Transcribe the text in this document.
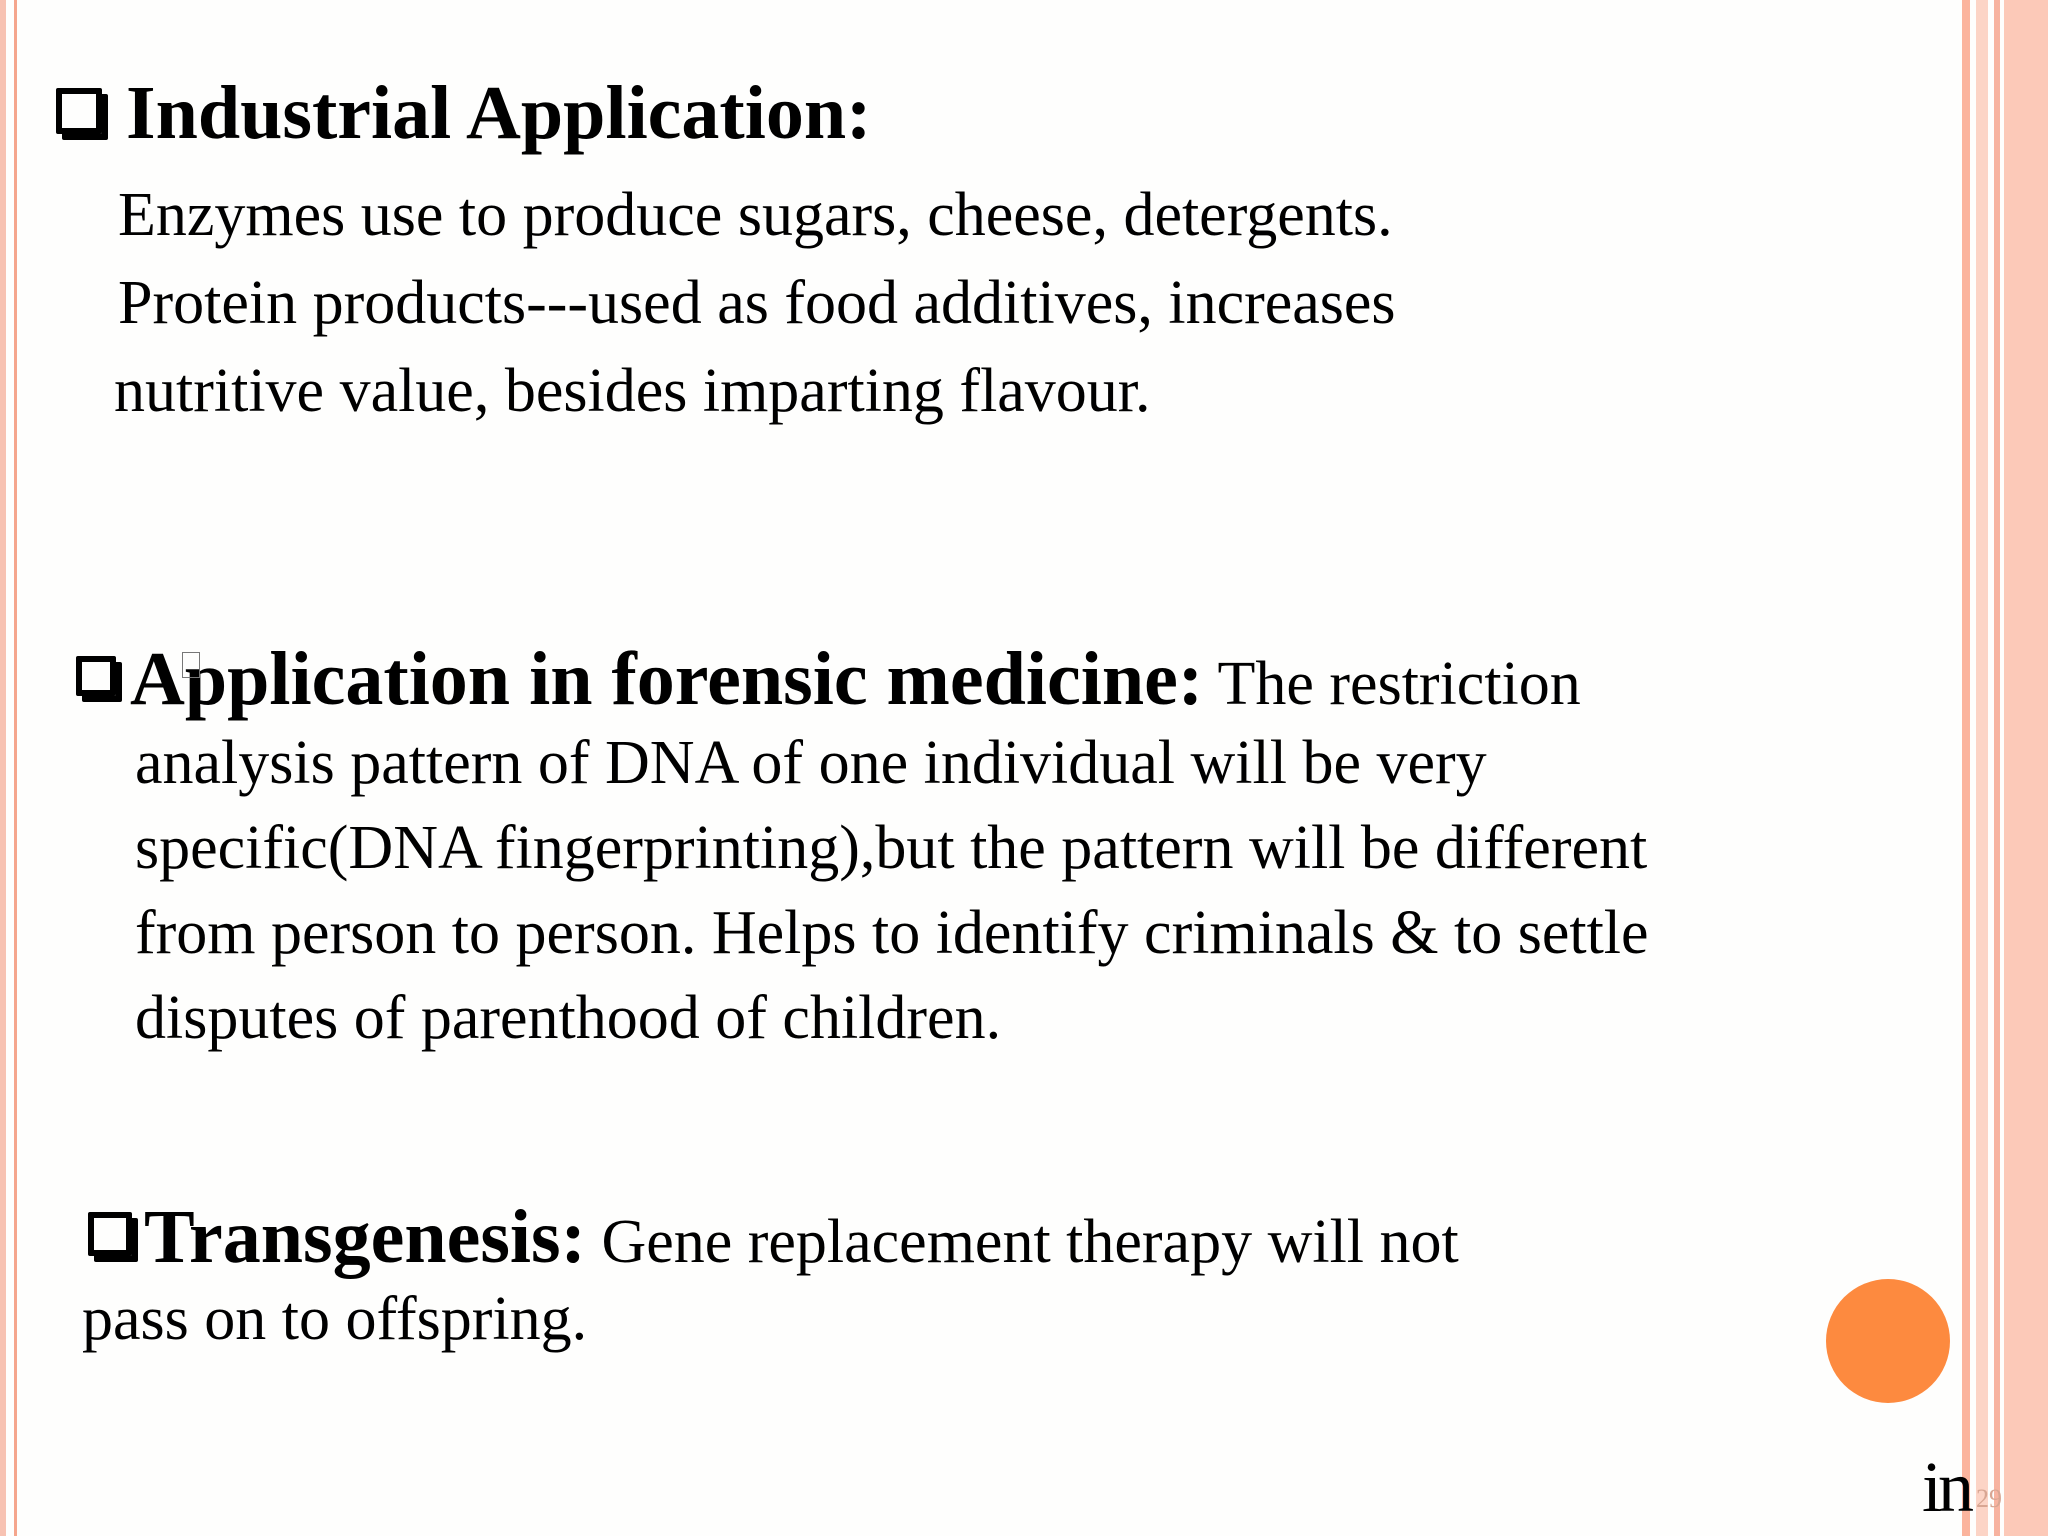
Industrial Application:
Enzymes use to produce sugars, cheese, detergents.
Protein products---used as food additives, increases
nutritive value, besides imparting flavour.
Application in forensic medicine: The restriction
analysis pattern of DNA of one individual will be very
specific(DNA fingerprinting),but the pattern will be different
from person to person. Helps to identify criminals & to settle
disputes of parenthood of children.
Transgenesis: Gene replacement therapy will not
pass on to offspring.
in 29
